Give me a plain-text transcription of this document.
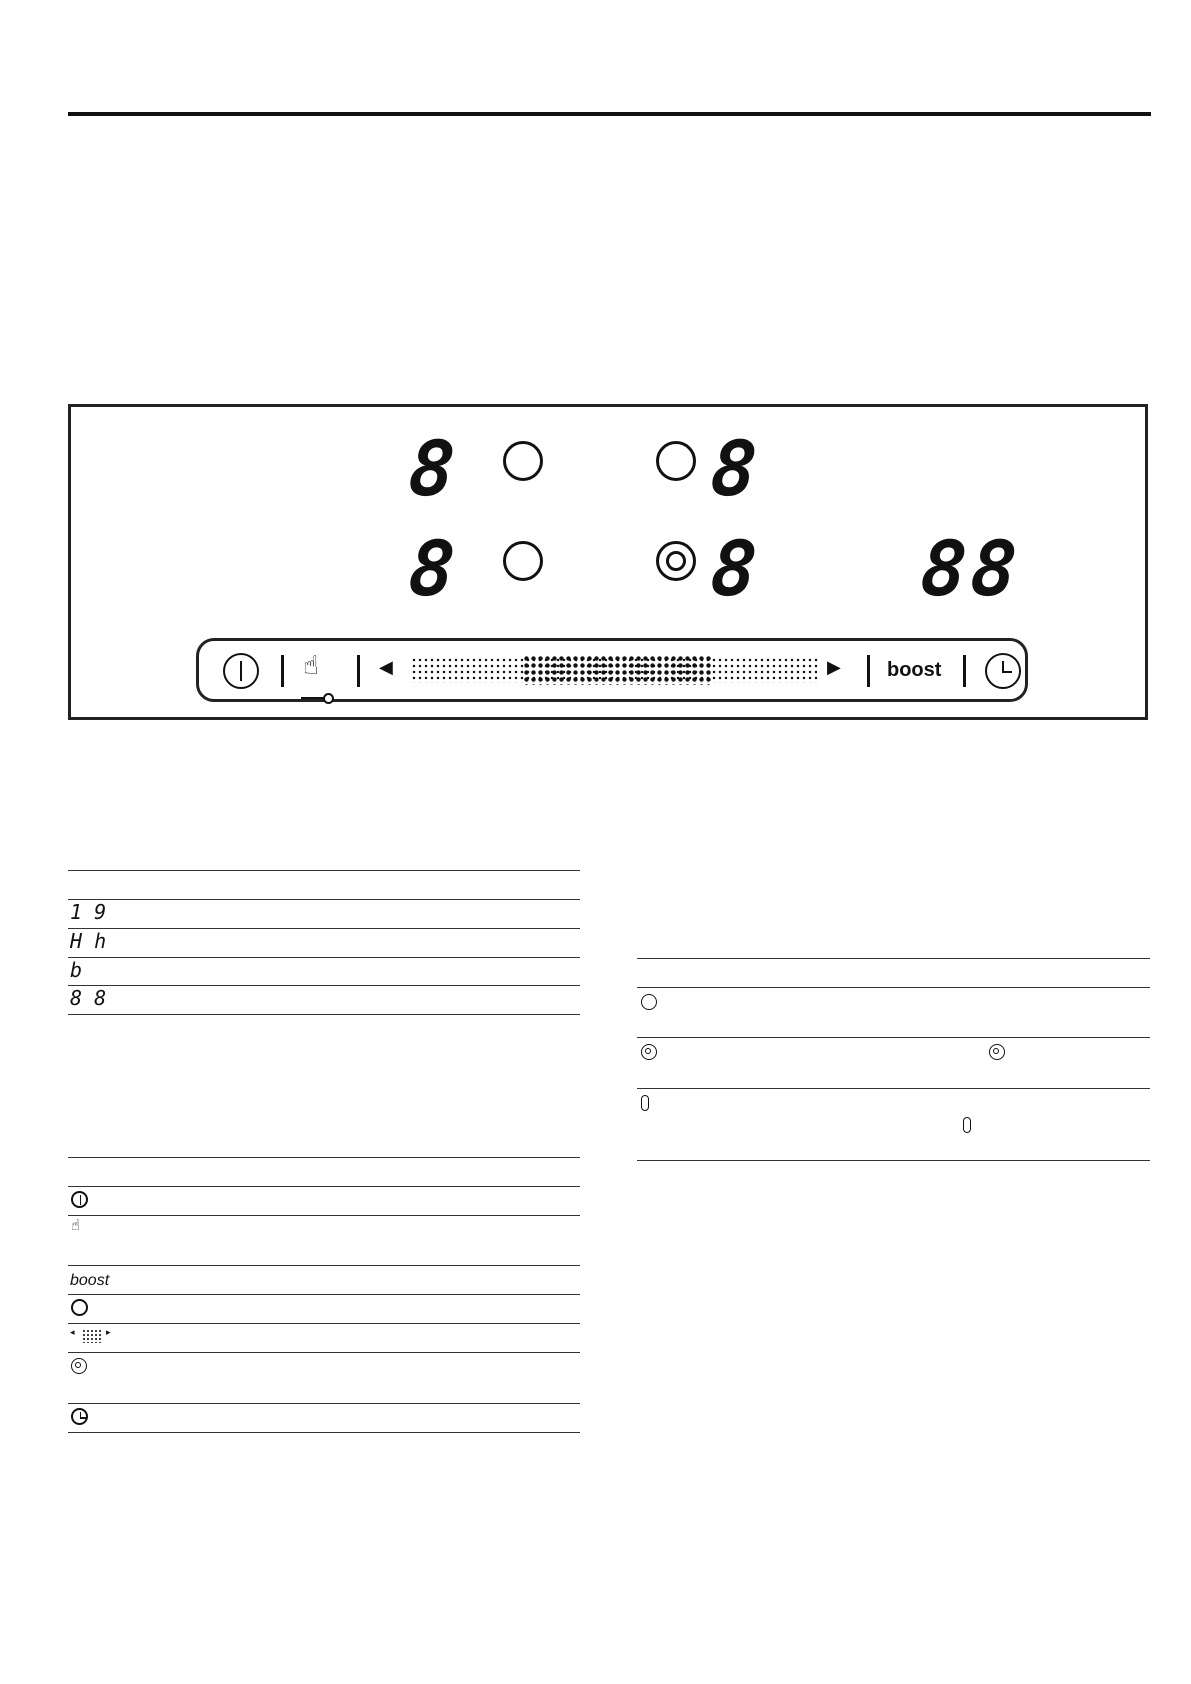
8	8
8	8 88
☝	◀	▶ boost
1 9
H h
b
8 8
☝
boost
◂	▸
